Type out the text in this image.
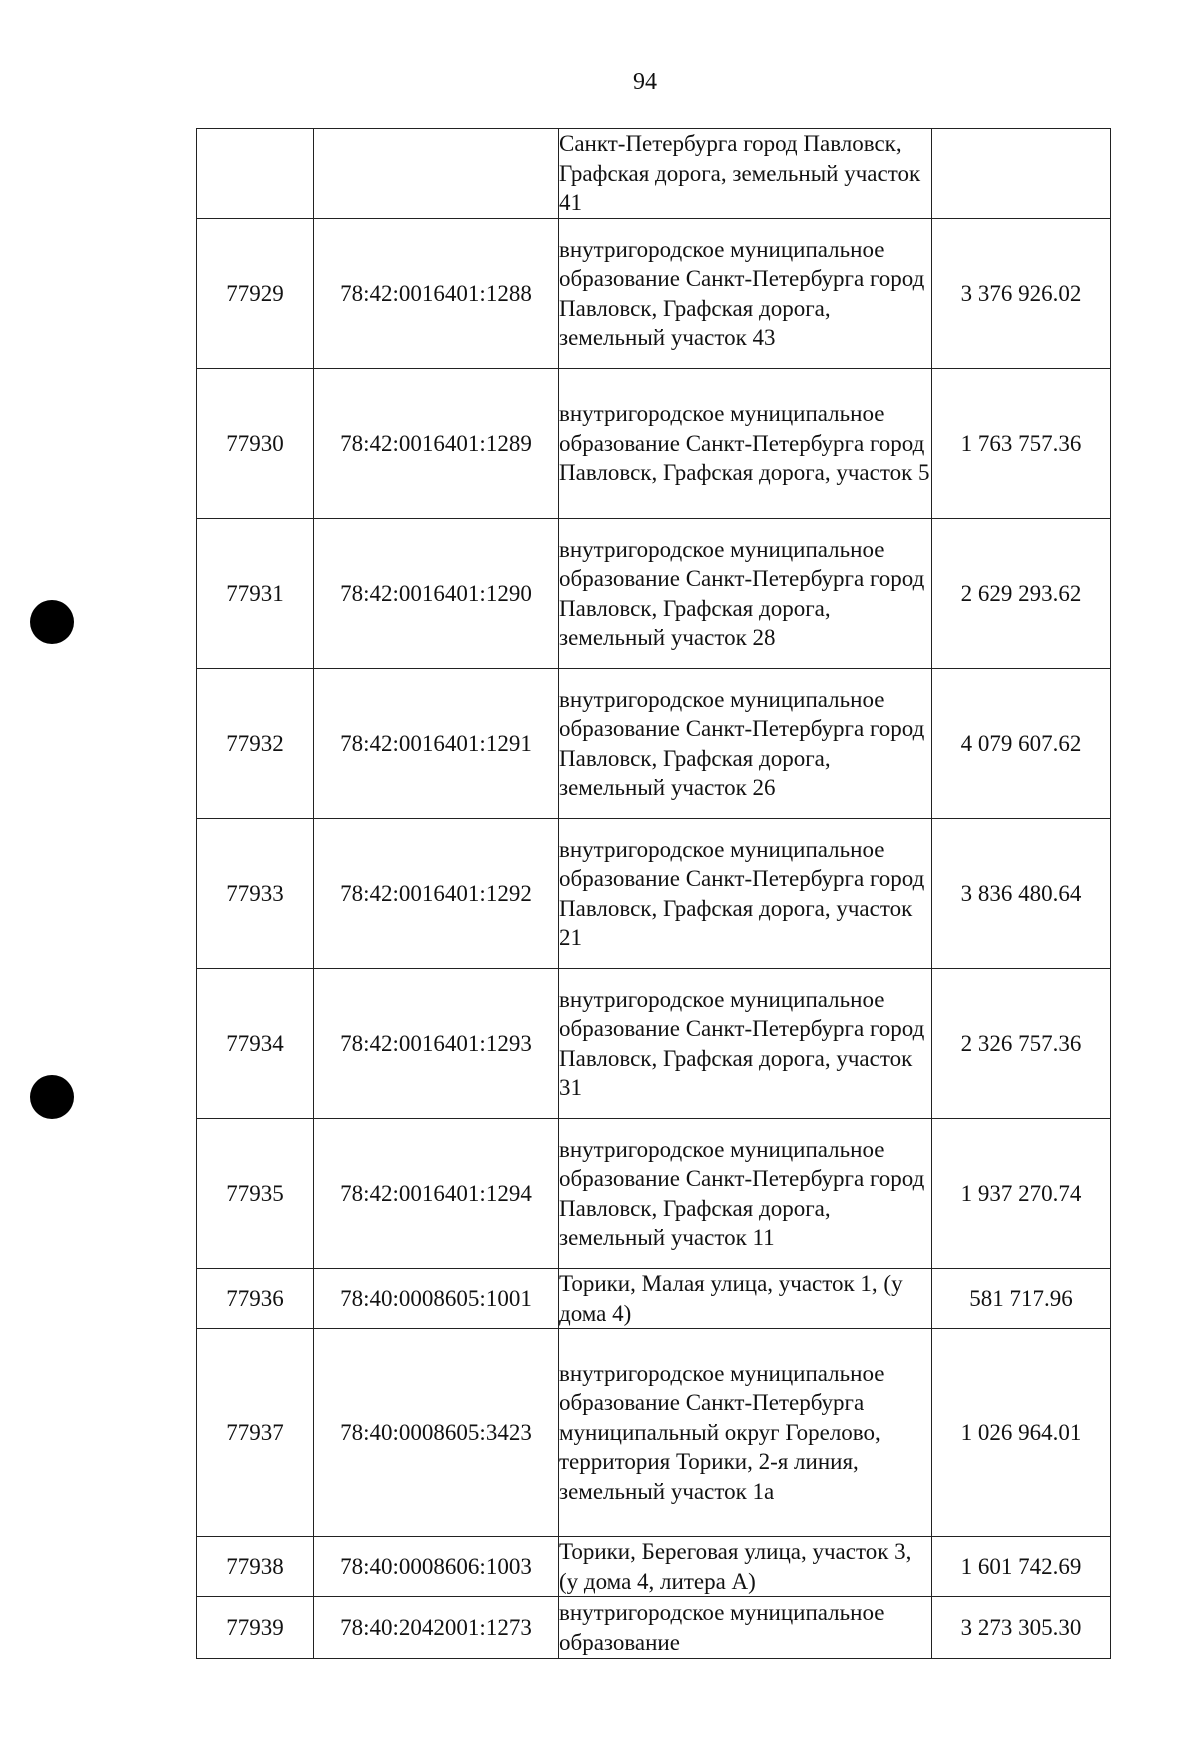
94
		Санкт-Петербурга город Павловск, Графская дорога, земельный участок 41	
77929	78:42:0016401:1288	внутригородское муниципальное образование Санкт-Петербурга город Павловск, Графская дорога, земельный участок 43	3 376 926.02
77930	78:42:0016401:1289	внутригородское муниципальное образование Санкт-Петербурга город Павловск, Графская дорога, участок 5	1 763 757.36
77931	78:42:0016401:1290	внутригородское муниципальное образование Санкт-Петербурга город Павловск, Графская дорога, земельный участок 28	2 629 293.62
77932	78:42:0016401:1291	внутригородское муниципальное образование Санкт-Петербурга город Павловск, Графская дорога, земельный участок 26	4 079 607.62
77933	78:42:0016401:1292	внутригородское муниципальное образование Санкт-Петербурга город Павловск, Графская дорога, участок 21	3 836 480.64
77934	78:42:0016401:1293	внутригородское муниципальное образование Санкт-Петербурга город Павловск, Графская дорога, участок 31	2 326 757.36
77935	78:42:0016401:1294	внутригородское муниципальное образование Санкт-Петербурга город Павловск, Графская дорога, земельный участок 11	1 937 270.74
77936	78:40:0008605:1001	Торики, Малая улица, участок 1, (у дома 4)	581 717.96
77937	78:40:0008605:3423	внутригородское муниципальное образование Санкт-Петербурга муниципальный округ Горелово, территория Торики, 2-я линия, земельный участок 1а	1 026 964.01
77938	78:40:0008606:1003	Торики, Береговая улица, участок 3, (у дома 4, литера А)	1 601 742.69
77939	78:40:2042001:1273	внутригородское муниципальное образование	3 273 305.30
